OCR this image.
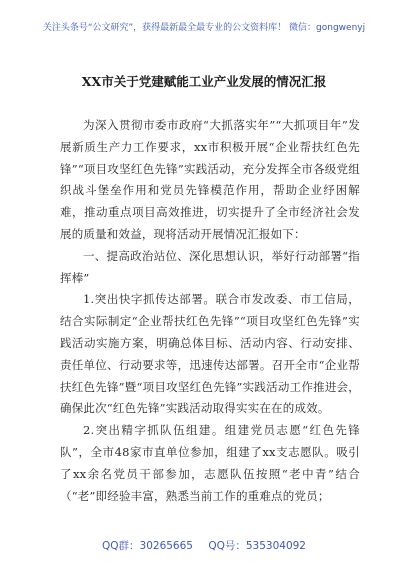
关注头条号“公文研究”，获得最新最全最专业的公文资料库！ 微信：gongwenyj
XX市关于党建赋能工业产业发展的情况汇报

为深入贯彻市委市政府“大抓落实年”“大抓项目年”发展新质生产力工作要求，xx市积极开展“企业帮扶红色先锋”“项目攻坚红色先锋”实践活动，充分发挥全市各级党组织战斗堡垒作用和党员先锋模范作用，帮助企业纾困解难，推动重点项目高效推进，切实提升了全市经济社会发展的质量和效益，现将活动开展情况汇报如下：

一、提高政治站位、深化思想认识，举好行动部署“指挥棒”

1.突出快字抓传达部署。联合市发改委、市工信局，结合实际制定“企业帮扶红色先锋”“项目攻坚红色先锋”实践活动实施方案，明确总体目标、活动内容、行动安排、责任单位、行动要求等，迅速传达部署。召开全市“企业帮扶红色先锋”暨“项目攻坚红色先锋”实践活动工作推进会，确保此次“红色先锋”实践活动取得实实在在的成效。

2.突出精字抓队伍组建。组建党员志愿“红色先锋队”，全市48家市直单位参加，组建了xx支志愿队。吸引了xx余名党员干部参加，志愿队伍按照“老中青”结合（“老”即经验丰富，熟悉当前工作的重难点的党员；

QQ群：30265665 QQ号：535304092
